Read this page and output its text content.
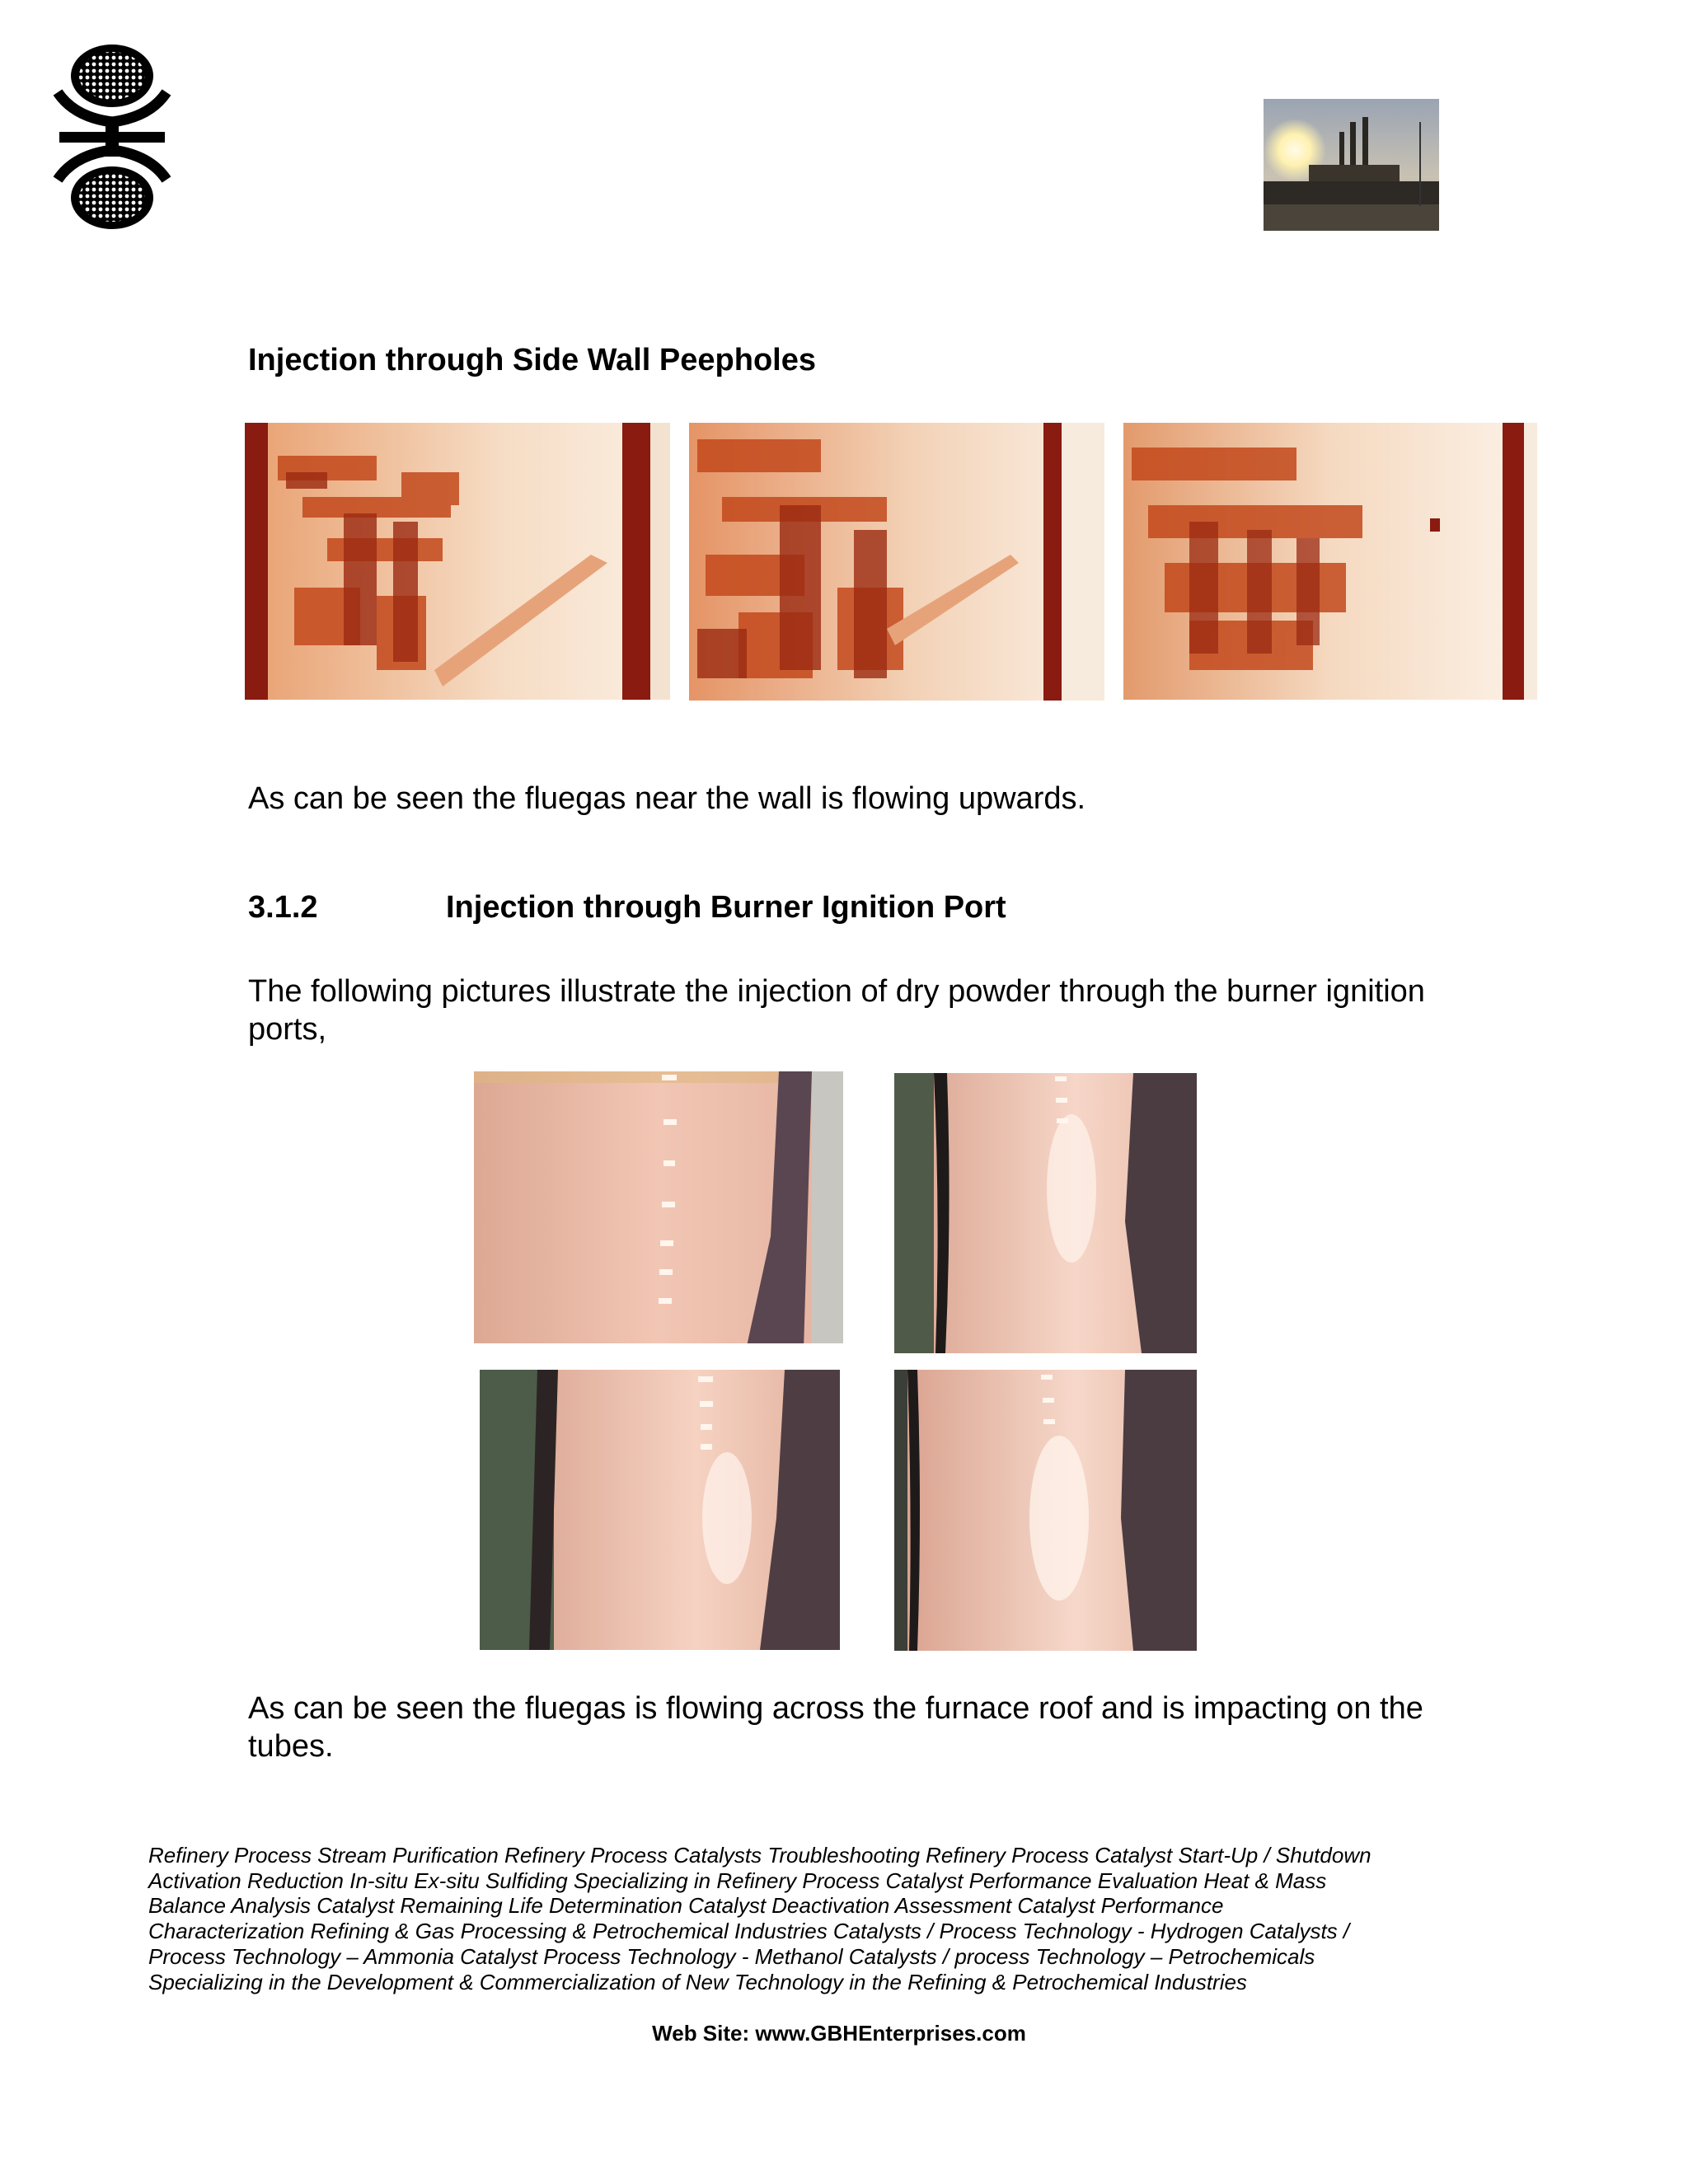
Injection through Side Wall Peepholes
As can be seen the fluegas near the wall is flowing upwards.
3.1.2	Injection through Burner Ignition Port
The following pictures illustrate the injection of dry powder through the burner ignition ports,
As can be seen the fluegas is flowing across the furnace roof and is impacting on the tubes.
Refinery Process Stream Purification Refinery Process Catalysts Troubleshooting Refinery Process Catalyst Start-Up / Shutdown
Activation Reduction In-situ Ex-situ Sulfiding Specializing in Refinery Process Catalyst Performance Evaluation Heat & Mass
Balance Analysis Catalyst Remaining Life Determination Catalyst Deactivation Assessment Catalyst Performance
Characterization Refining & Gas Processing & Petrochemical Industries Catalysts / Process Technology - Hydrogen Catalysts /
Process Technology – Ammonia Catalyst Process Technology - Methanol Catalysts / process Technology – Petrochemicals
Specializing in the Development & Commercialization of New Technology in the Refining & Petrochemical Industries
Web Site: www.GBHEnterprises.com
